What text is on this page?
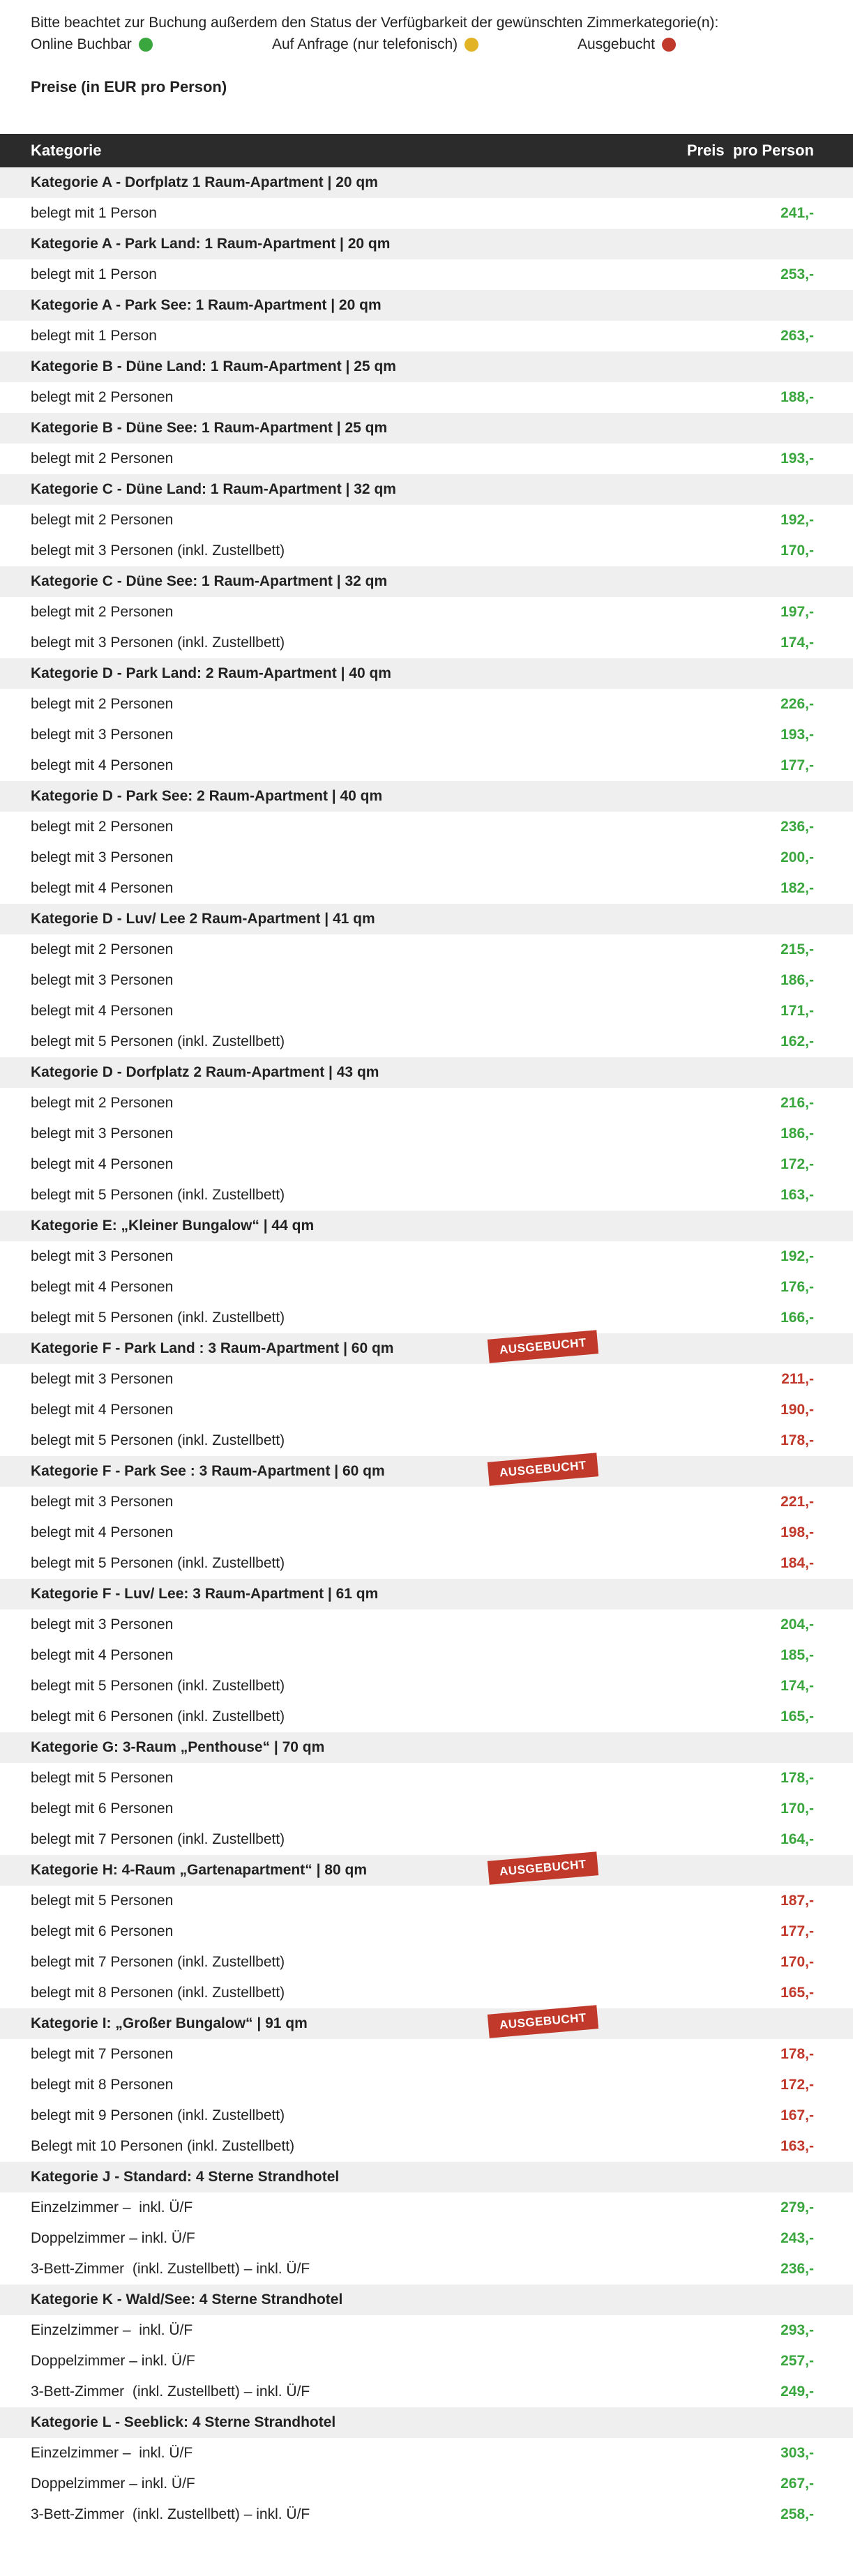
Bitte beachtet zur Buchung außerdem den Status der Verfügbarkeit der gewünschten Zimmerkategorie(n):
Online Buchbar	Auf Anfrage (nur telefonisch)	Ausgebucht
Preise (in EUR pro Person)
Kategorie	Preis  pro Person
Kategorie A - Dorfplatz 1 Raum-Apartment | 20 qm
belegt mit 1 Person	241,-
Kategorie A - Park Land: 1 Raum-Apartment | 20 qm
belegt mit 1 Person	253,-
Kategorie A - Park See: 1 Raum-Apartment | 20 qm
belegt mit 1 Person	263,-
Kategorie B - Düne Land: 1 Raum-Apartment | 25 qm
belegt mit 2 Personen	188,-
Kategorie B - Düne See: 1 Raum-Apartment | 25 qm
belegt mit 2 Personen	193,-
Kategorie C - Düne Land: 1 Raum-Apartment | 32 qm
belegt mit 2 Personen	192,-
belegt mit 3 Personen (inkl. Zustellbett)	170,-
Kategorie C - Düne See: 1 Raum-Apartment | 32 qm
belegt mit 2 Personen	197,-
belegt mit 3 Personen (inkl. Zustellbett)	174,-
Kategorie D - Park Land: 2 Raum-Apartment | 40 qm
belegt mit 2 Personen	226,-
belegt mit 3 Personen	193,-
belegt mit 4 Personen	177,-
Kategorie D - Park See: 2 Raum-Apartment | 40 qm
belegt mit 2 Personen	236,-
belegt mit 3 Personen	200,-
belegt mit 4 Personen	182,-
Kategorie D - Luv/ Lee 2 Raum-Apartment | 41 qm
belegt mit 2 Personen	215,-
belegt mit 3 Personen	186,-
belegt mit 4 Personen	171,-
belegt mit 5 Personen (inkl. Zustellbett)	162,-
Kategorie D - Dorfplatz 2 Raum-Apartment | 43 qm
belegt mit 2 Personen	216,-
belegt mit 3 Personen	186,-
belegt mit 4 Personen	172,-
belegt mit 5 Personen (inkl. Zustellbett)	163,-
Kategorie E: „Kleiner Bungalow“ | 44 qm
belegt mit 3 Personen	192,-
belegt mit 4 Personen	176,-
belegt mit 5 Personen (inkl. Zustellbett)	166,-
Kategorie F - Park Land : 3 Raum-Apartment | 60 qm	AUSGEBUCHT
belegt mit 3 Personen	211,-
belegt mit 4 Personen	190,-
belegt mit 5 Personen (inkl. Zustellbett)	178,-
Kategorie F - Park See : 3 Raum-Apartment | 60 qm	AUSGEBUCHT
belegt mit 3 Personen	221,-
belegt mit 4 Personen	198,-
belegt mit 5 Personen (inkl. Zustellbett)	184,-
Kategorie F - Luv/ Lee: 3 Raum-Apartment | 61 qm
belegt mit 3 Personen	204,-
belegt mit 4 Personen	185,-
belegt mit 5 Personen (inkl. Zustellbett)	174,-
belegt mit 6 Personen (inkl. Zustellbett)	165,-
Kategorie G: 3-Raum „Penthouse“ | 70 qm
belegt mit 5 Personen	178,-
belegt mit 6 Personen	170,-
belegt mit 7 Personen (inkl. Zustellbett)	164,-
Kategorie H: 4-Raum „Gartenapartment“ | 80 qm	AUSGEBUCHT
belegt mit 5 Personen	187,-
belegt mit 6 Personen	177,-
belegt mit 7 Personen (inkl. Zustellbett)	170,-
belegt mit 8 Personen (inkl. Zustellbett)	165,-
Kategorie I: „Großer Bungalow“ | 91 qm	AUSGEBUCHT
belegt mit 7 Personen	178,-
belegt mit 8 Personen	172,-
belegt mit 9 Personen (inkl. Zustellbett)	167,-
Belegt mit 10 Personen (inkl. Zustellbett)	163,-
Kategorie J - Standard: 4 Sterne Strandhotel
Einzelzimmer –  inkl. Ü/F	279,-
Doppelzimmer – inkl. Ü/F	243,-
3-Bett-Zimmer  (inkl. Zustellbett) – inkl. Ü/F	236,-
Kategorie K - Wald/See: 4 Sterne Strandhotel
Einzelzimmer –  inkl. Ü/F	293,-
Doppelzimmer – inkl. Ü/F	257,-
3-Bett-Zimmer  (inkl. Zustellbett) – inkl. Ü/F	249,-
Kategorie L - Seeblick: 4 Sterne Strandhotel
Einzelzimmer –  inkl. Ü/F	303,-
Doppelzimmer – inkl. Ü/F	267,-
3-Bett-Zimmer  (inkl. Zustellbett) – inkl. Ü/F	258,-
